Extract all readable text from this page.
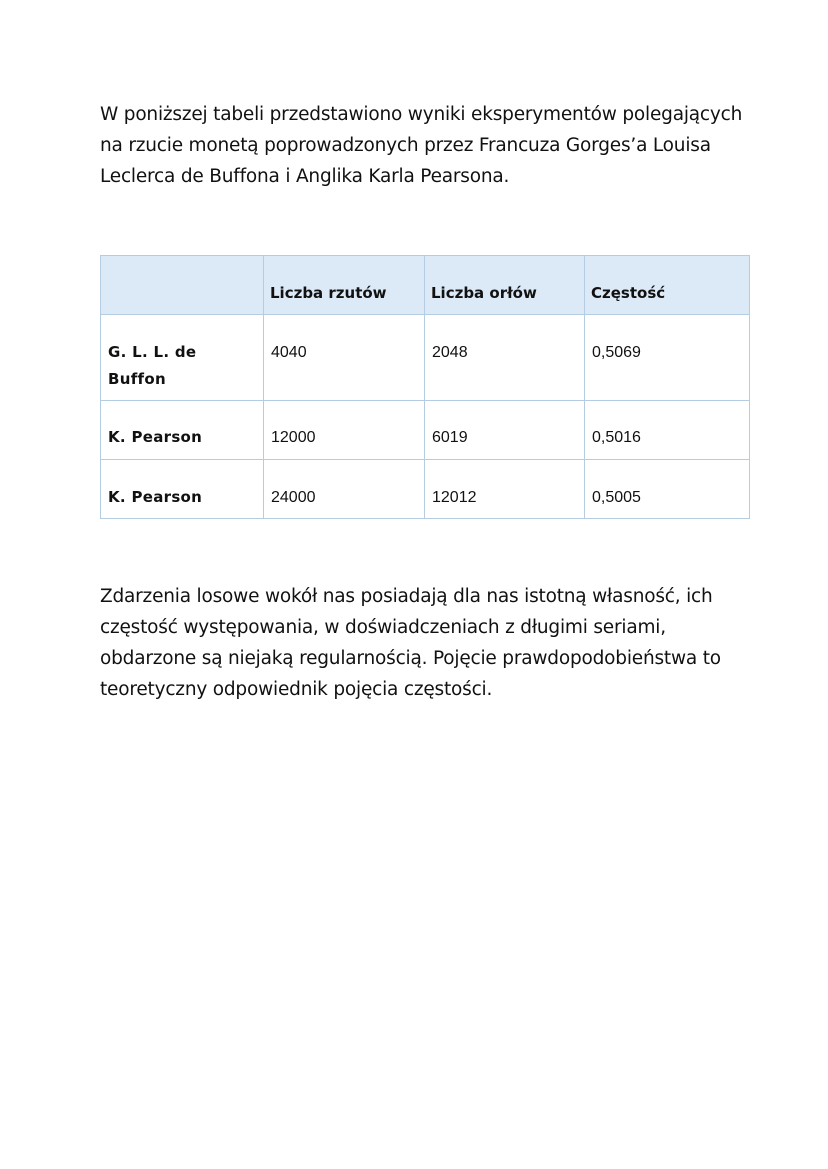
W poniższej tabeli przedstawiono wyniki eksperymentów polegających na rzucie monetą poprowadzonych przez Francuza Gorges’a Louisa Leclerca de Buffona i Anglika Karla Pearsona.

	Liczba rzutów	Liczba orłów	Częstość
G. L. L. de Buffon	4040	2048	0,5069
K. Pearson	12000	6019	0,5016
K. Pearson	24000	12012	0,5005

Zdarzenia losowe wokół nas posiadają dla nas istotną własność, ich częstość występowania, w doświadczeniach z długimi seriami, obdarzone są niejaką regularnością. Pojęcie prawdopodobieństwa to teoretyczny odpowiednik pojęcia częstości.
